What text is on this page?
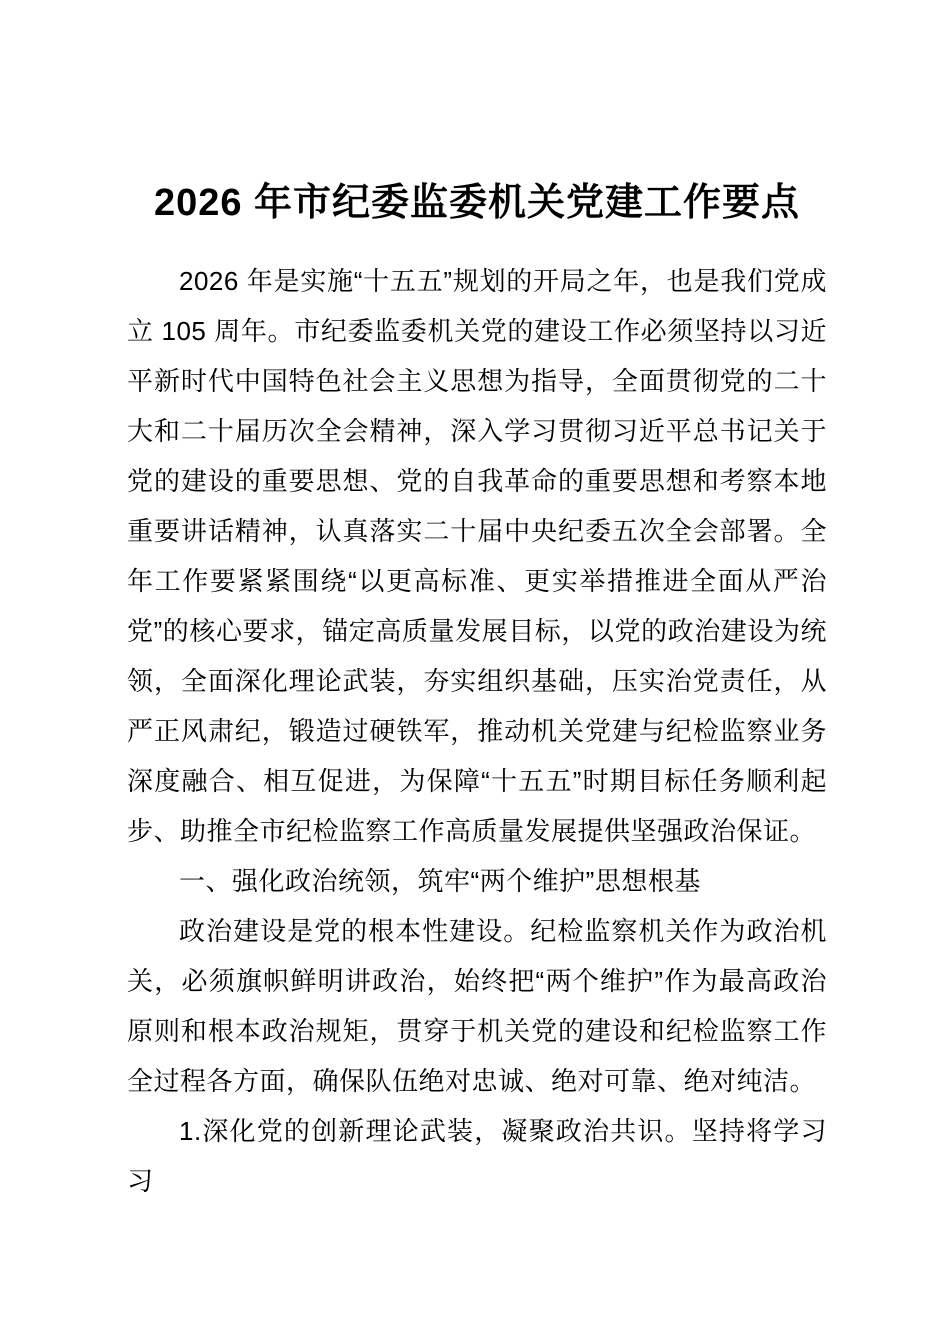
2026 年市纪委监委机关党建工作要点

2026 年是实施“十五五”规划的开局之年，也是我们党成立 105 周年。市纪委监委机关党的建设工作必须坚持以习近平新时代中国特色社会主义思想为指导，全面贯彻党的二十大和二十届历次全会精神，深入学习贯彻习近平总书记关于党的建设的重要思想、党的自我革命的重要思想和考察本地重要讲话精神，认真落实二十届中央纪委五次全会部署。全年工作要紧紧围绕“以更高标准、更实举措推进全面从严治党”的核心要求，锚定高质量发展目标，以党的政治建设为统领，全面深化理论武装，夯实组织基础，压实治党责任，从严正风肃纪，锻造过硬铁军，推动机关党建与纪检监察业务深度融合、相互促进，为保障“十五五”时期目标任务顺利起步、助推全市纪检监察工作高质量发展提供坚强政治保证。

一、强化政治统领，筑牢“两个维护”思想根基

政治建设是党的根本性建设。纪检监察机关作为政治机关，必须旗帜鲜明讲政治，始终把“两个维护”作为最高政治原则和根本政治规矩，贯穿于机关党的建设和纪检监察工作全过程各方面，确保队伍绝对忠诚、绝对可靠、绝对纯洁。

1.深化党的创新理论武装，凝聚政治共识。坚持将学习习
